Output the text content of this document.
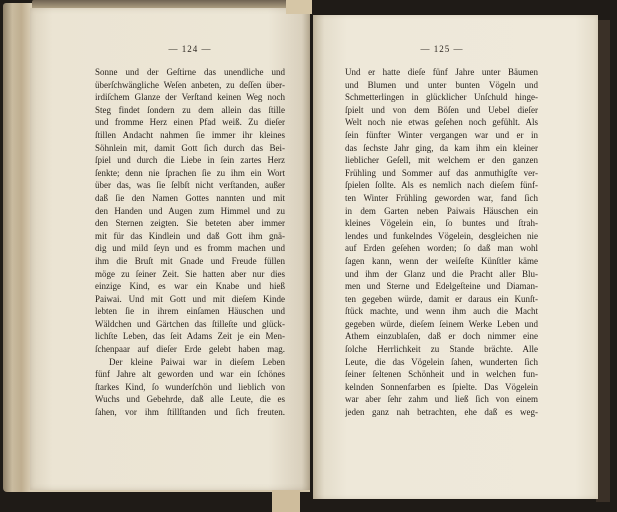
— 124 —	— 125 —
Sonne und der Geſtirne das unendliche und
überſchwängliche Weſen anbeten, zu deſſen über-
irdiſchem Glanze der Verſtand keinen Weg noch
Steg findet ſondern zu dem allein das ſtille
und fromme Herz einen Pfad weiß. Zu dieſer
ſtillen Andacht nahmen ſie immer ihr kleines
Söhnlein mit, damit Gott ſich durch das Bei-
ſpiel und durch die Liebe in ſein zartes Herz
ſenkte; denn nie ſprachen ſie zu ihm ein Wort
über das, was ſie ſelbſt nicht verſtanden, außer
daß ſie den Namen Gottes nannten und mit
den Handen und Augen zum Himmel und zu
den Sternen zeigten. Sie beteten aber immer
mit für das Kindlein und daß Gott ihm gnä-
dig und mild ſeyn und es fromm machen und
ihm die Bruſt mit Gnade und Freude füllen
möge zu ſeiner Zeit. Sie hatten aber nur dies
einzige Kind, es war ein Knabe und hieß
Paiwai. Und mit Gott und mit dieſem Kinde
lebten ſie in ihrem einſamen Häuschen und
Wäldchen und Gärtchen das ſtilleſte und glück-
lichſte Leben, das ſeit Adams Zeit je ein Men-
ſchenpaar auf dieſer Erde gelebt haben mag.
Der kleine Paiwai war in dieſem Leben
fünf Jahre alt geworden und war ein ſchönes
ſtarkes Kind, ſo wunderſchön und lieblich von
Wuchs und Gebehrde, daß alle Leute, die es
ſahen, vor ihm ſtillſtanden und ſich freuten.
Und er hatte dieſe fünf Jahre unter Bäumen
und Blumen und unter bunten Vögeln und
Schmetterlingen in glücklicher Unſchuld hinge-
ſpielt und von dem Böſen und Uebel dieſer
Welt noch nie etwas geſehen noch gefühlt. Als
ſein fünfter Winter vergangen war und er in
das ſechste Jahr ging, da kam ihm ein kleiner
lieblicher Geſell, mit welchem er den ganzen
Frühling und Sommer auf das anmuthigſte ver-
ſpielen ſollte. Als es nemlich nach dieſem fünf-
ten Winter Frühling geworden war, fand ſich
in dem Garten neben Paiwais Häuschen ein
kleines Vögelein ein, ſo buntes und ſtrah-
lendes und funkelndes Vögelein, desgleichen nie
auf Erden geſehen worden; ſo daß man wohl
ſagen kann, wenn der weiſeſte Künſtler käme
und ihm der Glanz und die Pracht aller Blu-
men und Sterne und Edelgeſteine und Diaman-
ten gegeben würde, damit er daraus ein Kunſt-
ſtück machte, und wenn ihm auch die Macht
gegeben würde, dieſem ſeinem Werke Leben und
Athem einzublaſen, daß er doch nimmer eine
ſolche Herrlichkeit zu Stande brächte. Alle
Leute, die das Vögelein ſahen, wunderten ſich
ſeiner ſeltenen Schönheit und in welchen fun-
kelnden Sonnenfarben es ſpielte. Das Vögelein
war aber ſehr zahm und ließ ſich von einem
jeden ganz nah betrachten, ehe daß es weg-
